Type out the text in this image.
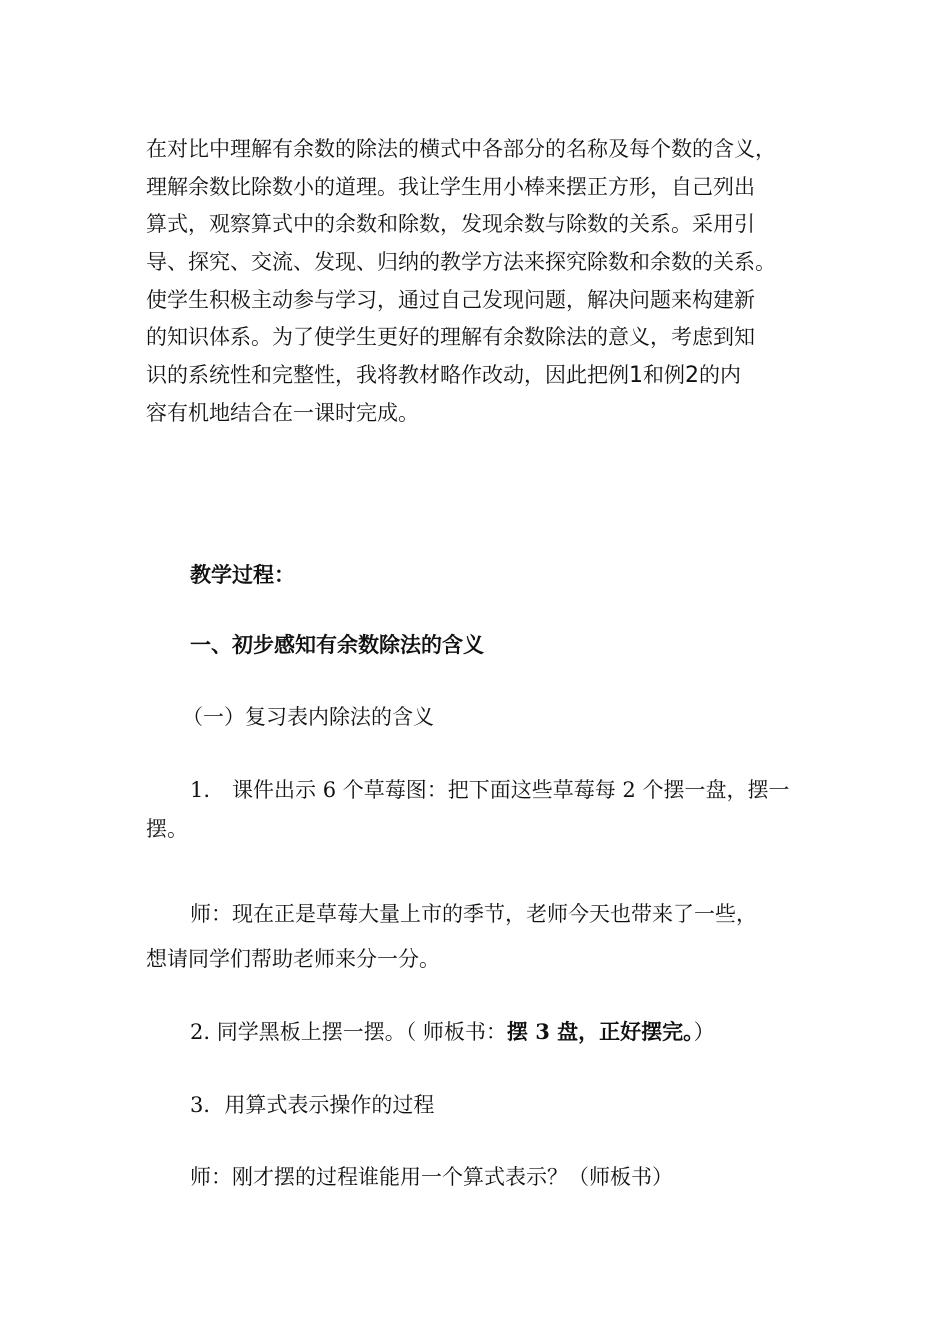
在对比中理解有余数的除法的横式中各部分的名称及每个数的含义，
理解余数比除数小的道理。我让学生用小棒来摆正方形，自己列出
算式，观察算式中的余数和除数，发现余数与除数的关系。采用引
导、探究、交流、发现、归纳的教学方法来探究除数和余数的关系。
使学生积极主动参与学习，通过自己发现问题，解决问题来构建新
的知识体系。为了使学生更好的理解有余数除法的意义，考虑到知
识的系统性和完整性，我将教材略作改动，因此把例1和例2的内
容有机地结合在一课时完成。

教学过程：

一、初步感知有余数除法的含义

（一）复习表内除法的含义

1. 课件出示 6 个草莓图：把下面这些草莓每 2 个摆一盘，摆一

摆。

师：现在正是草莓大量上市的季节，老师今天也带来了一些，

想请同学们帮助老师来分一分。

2. 同学黑板上摆一摆。（ 师板书：摆 3 盘，正好摆完。）

3．用算式表示操作的过程

师：刚才摆的过程谁能用一个算式表示？（师板书）
